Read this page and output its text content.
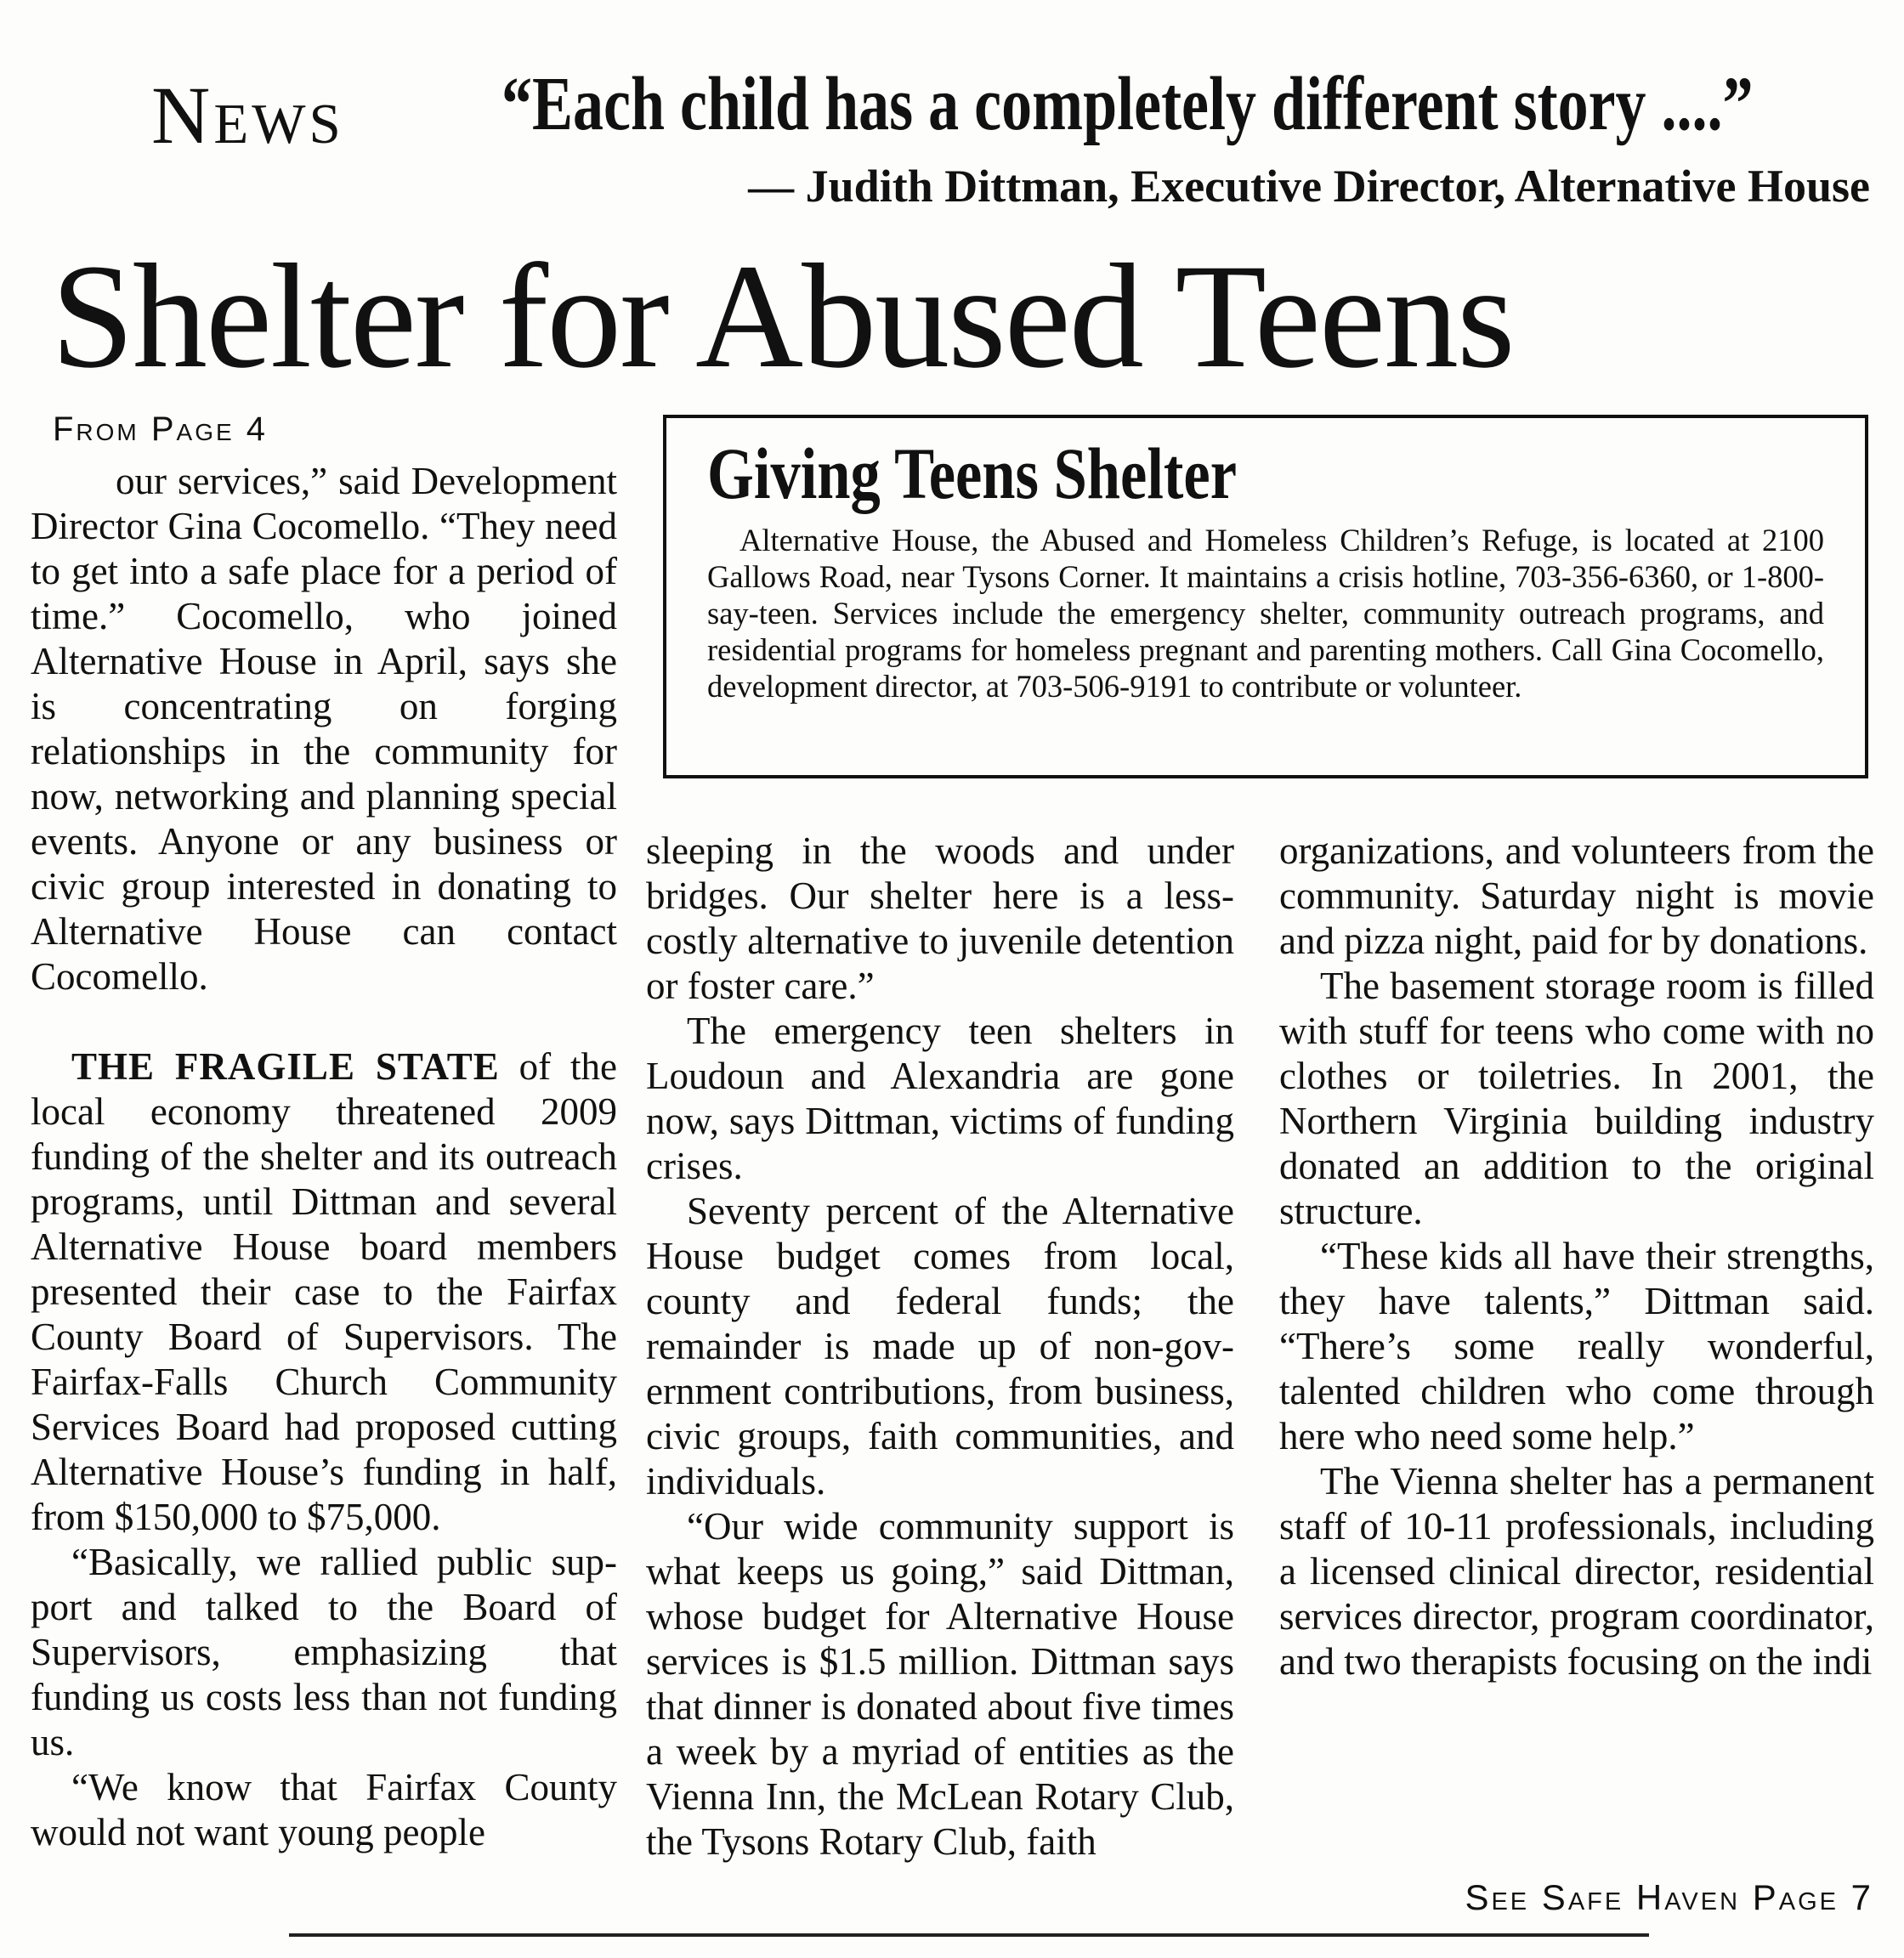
News “Each child has a completely different story ....”
— Judith Dittman, Executive Director, Alternative House
Shelter for Abused Teens
From Page 4

our services,” said Development Director Gina Cocomello. “They need to get into a safe place for a period of time.” Cocomello, who joined Alternative House in April, says she is concentrating on forging relationships in the community for now, networking and planning special events. Anyone or any business or civic group interested in donating to Alternative House can contact Cocomello.

THE FRAGILE STATE of the local economy threatened 2009 funding of the shelter and its outreach programs, until Dittman and several Alternative House board members presented their case to the Fairfax County Board of Supervisors. The Fairfax-Falls Church Community Services Board had proposed cutting Alternative House’s funding in half, from $150,000 to $75,000.

“Basically, we rallied public support and talked to the Board of Supervisors, emphasizing that funding us costs less than not funding us.

“We know that Fairfax County would not want young people

Giving Teens Shelter

Alternative House, the Abused and Homeless Children’s Refuge, is located at 2100 Gallows Road, near Tysons Corner. It maintains a crisis hotline, 703-356-6360, or 1-800-say-teen. Services include the emergency shelter, community outreach programs, and residential programs for homeless pregnant and parenting mothers. Call Gina Cocomello, development director, at 703-506-9191 to contribute or volunteer.

sleeping in the woods and under bridges. Our shelter here is a less-costly alternative to juvenile detention or foster care.”

The emergency teen shelters in Loudoun and Alexandria are gone now, says Dittman, victims of funding crises.

Seventy percent of the Alternative House budget comes from local, county and federal funds; the remainder is made up of non-government contributions, from business, civic groups, faith communities, and individuals.

“Our wide community support is what keeps us going,” said Dittman, whose budget for Alternative House services is $1.5 million. Dittman says that dinner is donated about five times a week by a myriad of entities as the Vienna Inn, the McLean Rotary Club, the Tysons Rotary Club, faith

organizations, and volunteers from the community. Saturday night is movie and pizza night, paid for by donations.

The basement storage room is filled with stuff for teens who come with no clothes or toiletries. In 2001, the Northern Virginia building industry donated an addition to the original structure.

“These kids all have their strengths, they have talents,” Dittman said. “There’s some really wonderful, talented children who come through here who need some help.”

The Vienna shelter has a permanent staff of 10-11 professionals, including a licensed clinical director, residential services director, program coordinator, and two therapists focusing on the indi

See Safe Haven Page 7
